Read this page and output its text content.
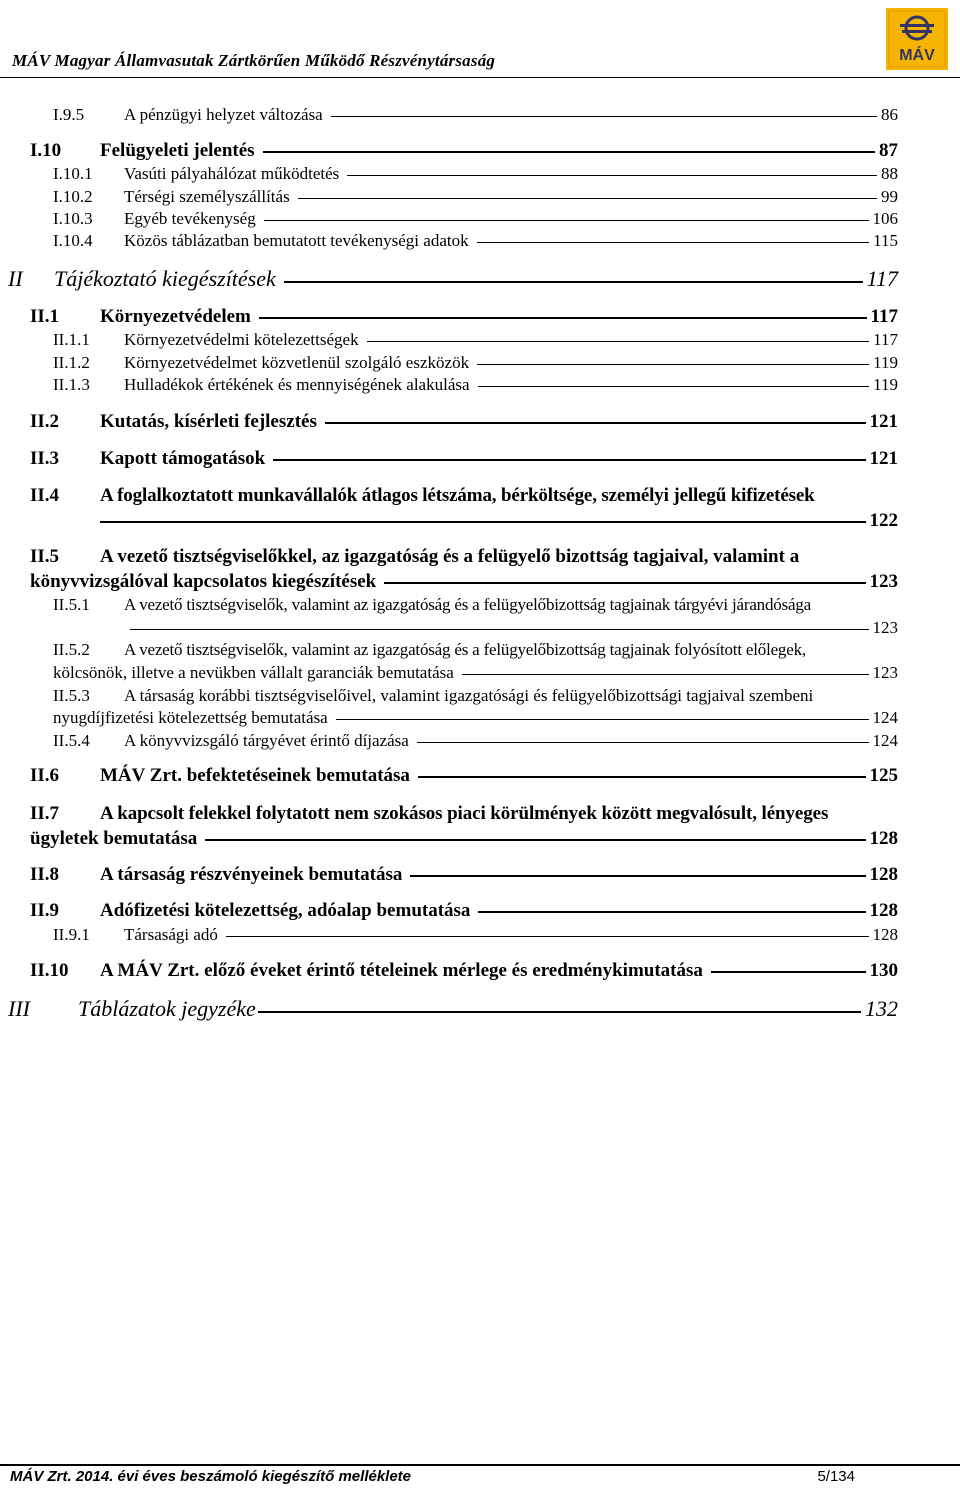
MÁV Magyar Államvasutak Zártkörűen Működő Részvénytársaság	MÁV
I.9.5	A pénzügyi helyzet változása	86
I.10	Felügyeleti jelentés	87
I.10.1	Vasúti pályahálózat működtetés	88
I.10.2	Térségi személyszállítás	99
I.10.3	Egyéb tevékenység	106
I.10.4	Közös táblázatban bemutatott tevékenységi adatok	115
II	Tájékoztató kiegészítések	117
II.1	Környezetvédelem	117
II.1.1	Környezetvédelmi kötelezettségek	117
II.1.2	Környezetvédelmet közvetlenül szolgáló eszközök	119
II.1.3	Hulladékok értékének és mennyiségének alakulása	119
II.2	Kutatás, kísérleti fejlesztés	121
II.3	Kapott támogatások	121
II.4	A foglalkoztatott munkavállalók átlagos létszáma, bérköltsége, személyi jellegű kifizetések
122
II.5	A vezető tisztségviselőkkel, az igazgatóság és a felügyelő bizottság tagjaival, valamint a
könyvvizsgálóval kapcsolatos kiegészítések	123
II.5.1	A vezető tisztségviselők, valamint az igazgatóság és a felügyelőbizottság tagjainak tárgyévi járandósága
123
II.5.2	A vezető tisztségviselők, valamint az igazgatóság és a felügyelőbizottság tagjainak folyósított előlegek,
kölcsönök, illetve a nevükben vállalt garanciák bemutatása	123
II.5.3	A társaság korábbi tisztségviselőivel, valamint igazgatósági és felügyelőbizottsági tagjaival szembeni
nyugdíjfizetési kötelezettség bemutatása	124
II.5.4	A könyvvizsgáló tárgyévet érintő díjazása	124
II.6	MÁV Zrt. befektetéseinek bemutatása	125
II.7	A kapcsolt felekkel folytatott nem szokásos piaci körülmények között megvalósult, lényeges
ügyletek bemutatása	128
II.8	A társaság részvényeinek bemutatása	128
II.9	Adófizetési kötelezettség, adóalap bemutatása	128
II.9.1	Társasági adó	128
II.10	A MÁV Zrt. előző éveket érintő tételeinek mérlege és eredménykimutatása	130
III	Táblázatok jegyzéke	132
MÁV Zrt. 2014. évi éves beszámoló kiegészítő melléklete	5/134
